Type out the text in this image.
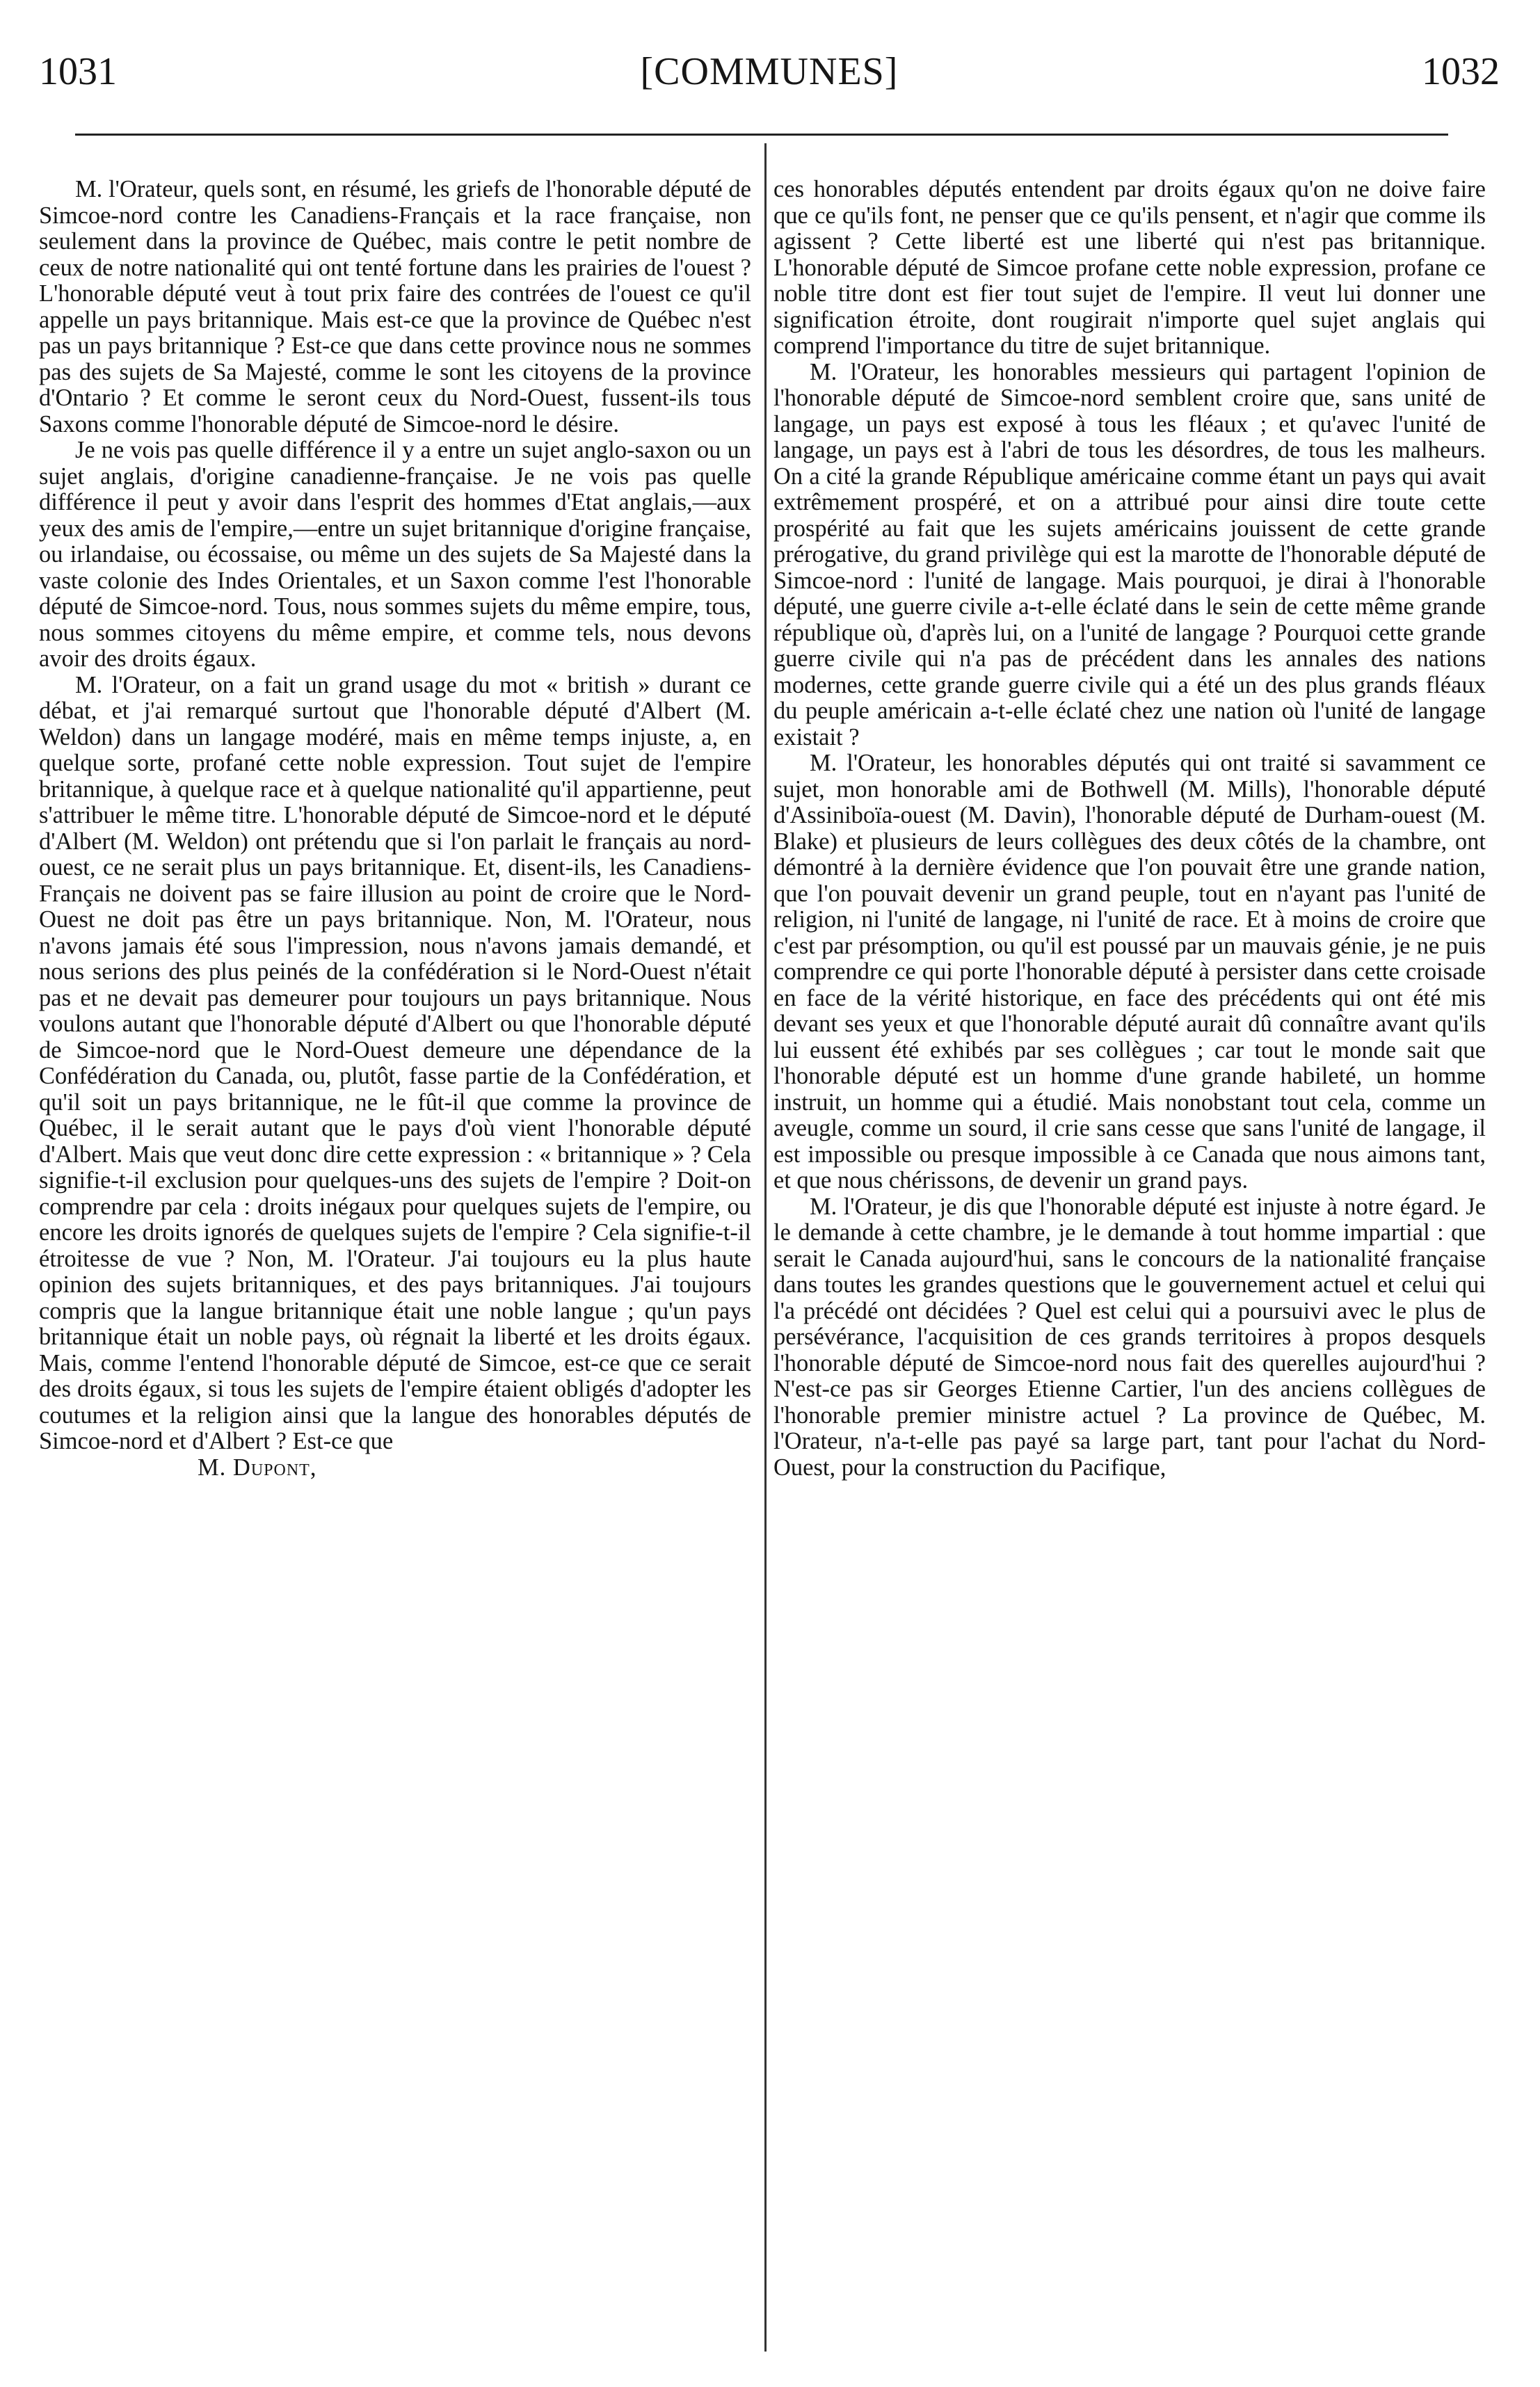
1031	[COMMUNES]	1032

M. l'Orateur, quels sont, en résumé, les griefs de l'honorable député de Simcoe-nord contre les Canadiens-Français et la race française, non seulement dans la province de Québec, mais contre le petit nombre de ceux de notre nationalité qui ont tenté fortune dans les prairies de l'ouest ? L'honorable député veut à tout prix faire des contrées de l'ouest ce qu'il appelle un pays britannique. Mais est-ce que la province de Québec n'est pas un pays britannique ? Est-ce que dans cette province nous ne sommes pas des sujets de Sa Majesté, comme le sont les citoyens de la province d'Ontario ? Et comme le seront ceux du Nord-Ouest, fussent-ils tous Saxons comme l'honorable député de Simcoe-nord le désire.

Je ne vois pas quelle différence il y a entre un sujet anglo-saxon ou un sujet anglais, d'origine canadienne-française. Je ne vois pas quelle différence il peut y avoir dans l'esprit des hommes d'Etat anglais,—aux yeux des amis de l'empire,—entre un sujet britannique d'origine française, ou irlandaise, ou écossaise, ou même un des sujets de Sa Majesté dans la vaste colonie des Indes Orientales, et un Saxon comme l'est l'honorable député de Simcoe-nord. Tous, nous sommes sujets du même empire, tous, nous sommes citoyens du même empire, et comme tels, nous devons avoir des droits égaux.

M. l'Orateur, on a fait un grand usage du mot « british » durant ce débat, et j'ai remarqué surtout que l'honorable député d'Albert (M. Weldon) dans un langage modéré, mais en même temps injuste, a, en quelque sorte, profané cette noble expression. Tout sujet de l'empire britannique, à quelque race et à quelque nationalité qu'il appartienne, peut s'attribuer le même titre. L'honorable député de Simcoe-nord et le député d'Albert (M. Weldon) ont prétendu que si l'on parlait le français au nord-ouest, ce ne serait plus un pays britannique. Et, disent-ils, les Canadiens-Français ne doivent pas se faire illusion au point de croire que le Nord-Ouest ne doit pas être un pays britannique. Non, M. l'Orateur, nous n'avons jamais été sous l'impression, nous n'avons jamais demandé, et nous serions des plus peinés de la confédération si le Nord-Ouest n'était pas et ne devait pas demeurer pour toujours un pays britannique. Nous voulons autant que l'honorable député d'Albert ou que l'honorable député de Simcoe-nord que le Nord-Ouest demeure une dépendance de la Confédération du Canada, ou, plutôt, fasse partie de la Confédération, et qu'il soit un pays britannique, ne le fût-il que comme la province de Québec, il le serait autant que le pays d'où vient l'honorable député d'Albert. Mais que veut donc dire cette expression : « britannique » ? Cela signifie-t-il exclusion pour quelques-uns des sujets de l'empire ? Doit-on comprendre par cela : droits inégaux pour quelques sujets de l'empire, ou encore les droits ignorés de quelques sujets de l'empire ? Cela signifie-t-il étroitesse de vue ? Non, M. l'Orateur. J'ai toujours eu la plus haute opinion des sujets britanniques, et des pays britanniques. J'ai toujours compris que la langue britannique était une noble langue ; qu'un pays britannique était un noble pays, où régnait la liberté et les droits égaux. Mais, comme l'entend l'honorable député de Simcoe, est-ce que ce serait des droits égaux, si tous les sujets de l'empire étaient obligés d'adopter les coutumes et la religion ainsi que la langue des honorables députés de Simcoe-nord et d'Albert ? Est-ce que

M. Dupont,

ces honorables députés entendent par droits égaux qu'on ne doive faire que ce qu'ils font, ne penser que ce qu'ils pensent, et n'agir que comme ils agissent ? Cette liberté est une liberté qui n'est pas britannique. L'honorable député de Simcoe profane cette noble expression, profane ce noble titre dont est fier tout sujet de l'empire. Il veut lui donner une signification étroite, dont rougirait n'importe quel sujet anglais qui comprend l'importance du titre de sujet britannique.

M. l'Orateur, les honorables messieurs qui partagent l'opinion de l'honorable député de Simcoe-nord semblent croire que, sans unité de langage, un pays est exposé à tous les fléaux ; et qu'avec l'unité de langage, un pays est à l'abri de tous les désordres, de tous les malheurs. On a cité la grande République américaine comme étant un pays qui avait extrêmement prospéré, et on a attribué pour ainsi dire toute cette prospérité au fait que les sujets américains jouissent de cette grande prérogative, du grand privilège qui est la marotte de l'honorable député de Simcoe-nord : l'unité de langage. Mais pourquoi, je dirai à l'honorable député, une guerre civile a-t-elle éclaté dans le sein de cette même grande république où, d'après lui, on a l'unité de langage ? Pourquoi cette grande guerre civile qui n'a pas de précédent dans les annales des nations modernes, cette grande guerre civile qui a été un des plus grands fléaux du peuple américain a-t-elle éclaté chez une nation où l'unité de langage existait ?

M. l'Orateur, les honorables députés qui ont traité si savamment ce sujet, mon honorable ami de Bothwell (M. Mills), l'honorable député d'Assiniboïa-ouest (M. Davin), l'honorable député de Durham-ouest (M. Blake) et plusieurs de leurs collègues des deux côtés de la chambre, ont démontré à la dernière évidence que l'on pouvait être une grande nation, que l'on pouvait devenir un grand peuple, tout en n'ayant pas l'unité de religion, ni l'unité de langage, ni l'unité de race. Et à moins de croire que c'est par présomption, ou qu'il est poussé par un mauvais génie, je ne puis comprendre ce qui porte l'honorable député à persister dans cette croisade en face de la vérité historique, en face des précédents qui ont été mis devant ses yeux et que l'honorable député aurait dû connaître avant qu'ils lui eussent été exhibés par ses collègues ; car tout le monde sait que l'honorable député est un homme d'une grande habileté, un homme instruit, un homme qui a étudié. Mais nonobstant tout cela, comme un aveugle, comme un sourd, il crie sans cesse que sans l'unité de langage, il est impossible ou presque impossible à ce Canada que nous aimons tant, et que nous chérissons, de devenir un grand pays.

M. l'Orateur, je dis que l'honorable député est injuste à notre égard. Je le demande à cette chambre, je le demande à tout homme impartial : que serait le Canada aujourd'hui, sans le concours de la nationalité française dans toutes les grandes questions que le gouvernement actuel et celui qui l'a précédé ont décidées ? Quel est celui qui a poursuivi avec le plus de persévérance, l'acquisition de ces grands territoires à propos desquels l'honorable député de Simcoe-nord nous fait des querelles aujourd'hui ? N'est-ce pas sir Georges Etienne Cartier, l'un des anciens collègues de l'honorable premier ministre actuel ? La province de Québec, M. l'Orateur, n'a-t-elle pas payé sa large part, tant pour l'achat du Nord-Ouest, pour la construction du Pacifique,
